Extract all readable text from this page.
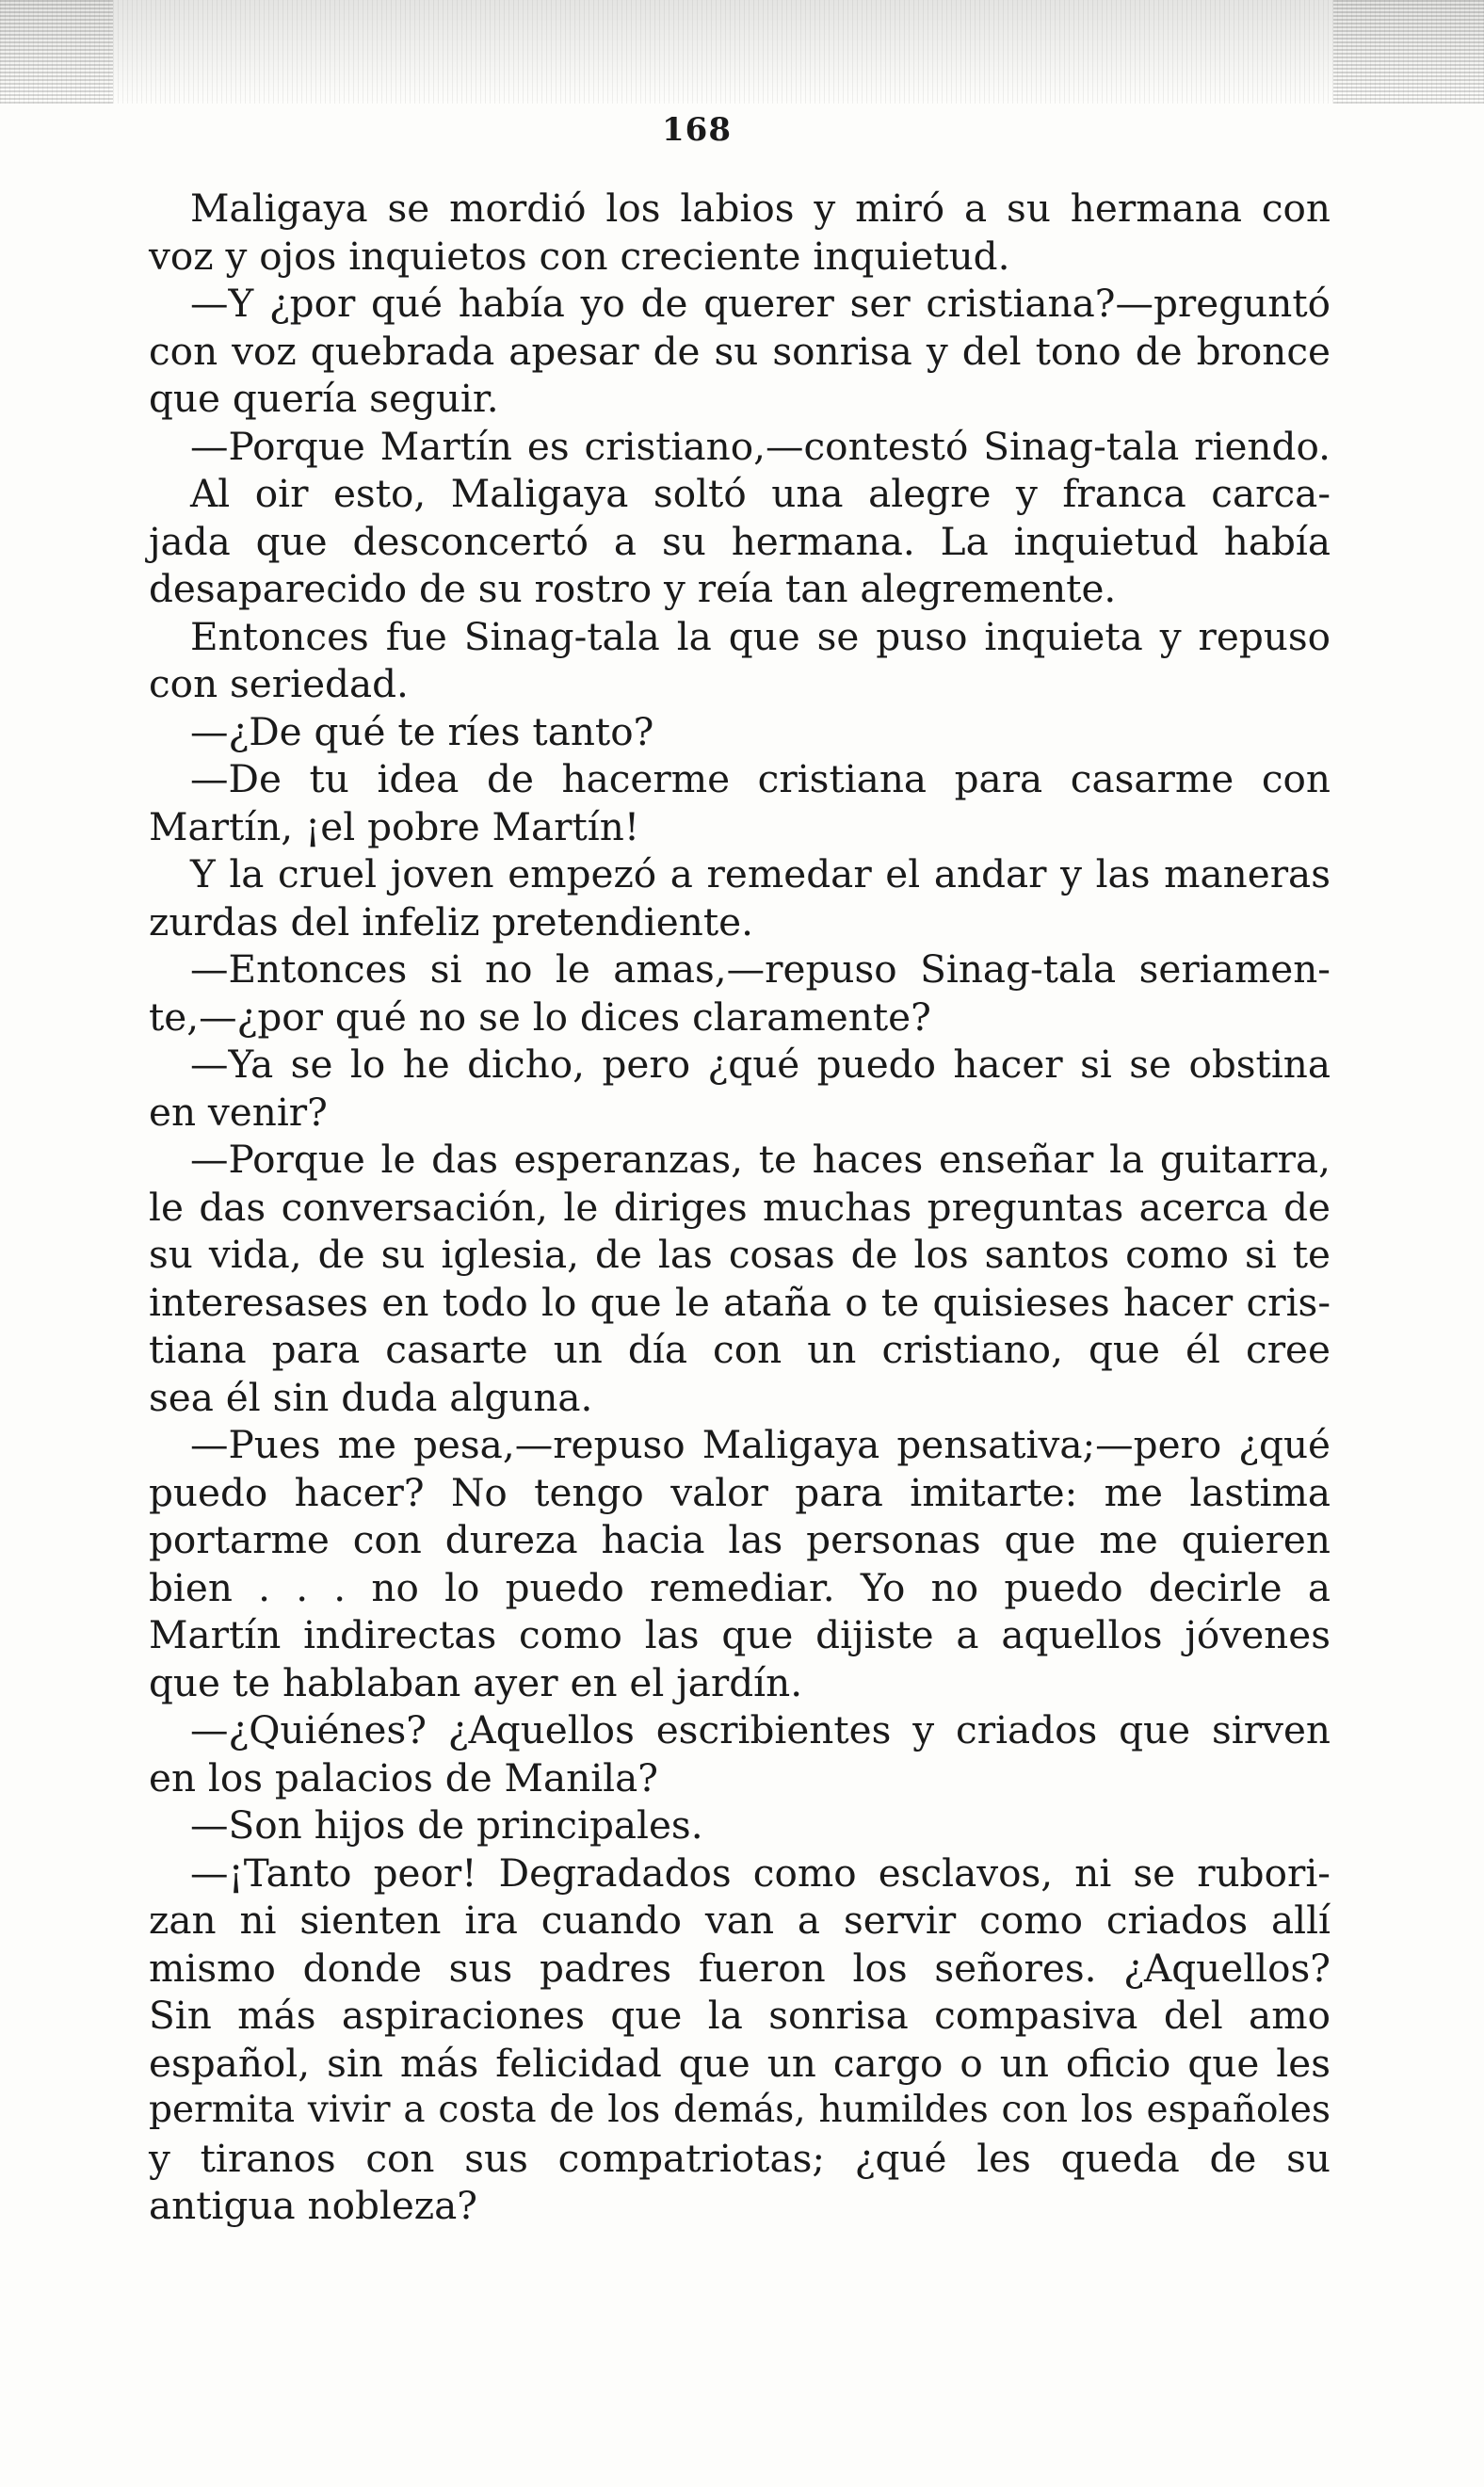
168
Maligaya se mordió los labios y miró a su hermana con
voz y ojos inquietos con creciente inquietud.
—Y ¿por qué había yo de querer ser cristiana?—preguntó
con voz quebrada apesar de su sonrisa y del tono de bronce
que quería seguir.
—Porque Martín es cristiano,—contestó Sinag-tala riendo.
Al oir esto, Maligaya soltó una alegre y franca carca-
jada que desconcertó a su hermana. La inquietud había
desaparecido de su rostro y reía tan alegremente.
Entonces fue Sinag-tala la que se puso inquieta y repuso
con seriedad.
—¿De qué te ríes tanto?
—De tu idea de hacerme cristiana para casarme con
Martín, ¡el pobre Martín!
Y la cruel joven empezó a remedar el andar y las maneras
zurdas del infeliz pretendiente.
—Entonces si no le amas,—repuso Sinag-tala seriamen-
te,—¿por qué no se lo dices claramente?
—Ya se lo he dicho, pero ¿qué puedo hacer si se obstina
en venir?
—Porque le das esperanzas, te haces enseñar la guitarra,
le das conversación, le diriges muchas preguntas acerca de
su vida, de su iglesia, de las cosas de los santos como si te
interesases en todo lo que le ataña o te quisieses hacer cris-
tiana para casarte un día con un cristiano, que él cree
sea él sin duda alguna.
—Pues me pesa,—repuso Maligaya pensativa;—pero ¿qué
puedo hacer? No tengo valor para imitarte: me lastima
portarme con dureza hacia las personas que me quieren
bien . . . no lo puedo remediar. Yo no puedo decirle a
Martín indirectas como las que dijiste a aquellos jóvenes
que te hablaban ayer en el jardín.
—¿Quiénes? ¿Aquellos escribientes y criados que sirven
en los palacios de Manila?
—Son hijos de principales.
—¡Tanto peor! Degradados como esclavos, ni se rubori-
zan ni sienten ira cuando van a servir como criados allí
mismo donde sus padres fueron los señores. ¿Aquellos?
Sin más aspiraciones que la sonrisa compasiva del amo
español, sin más felicidad que un cargo o un oficio que les
permita vivir a costa de los demás, humildes con los españoles
y tiranos con sus compatriotas; ¿qué les queda de su
antigua nobleza?
